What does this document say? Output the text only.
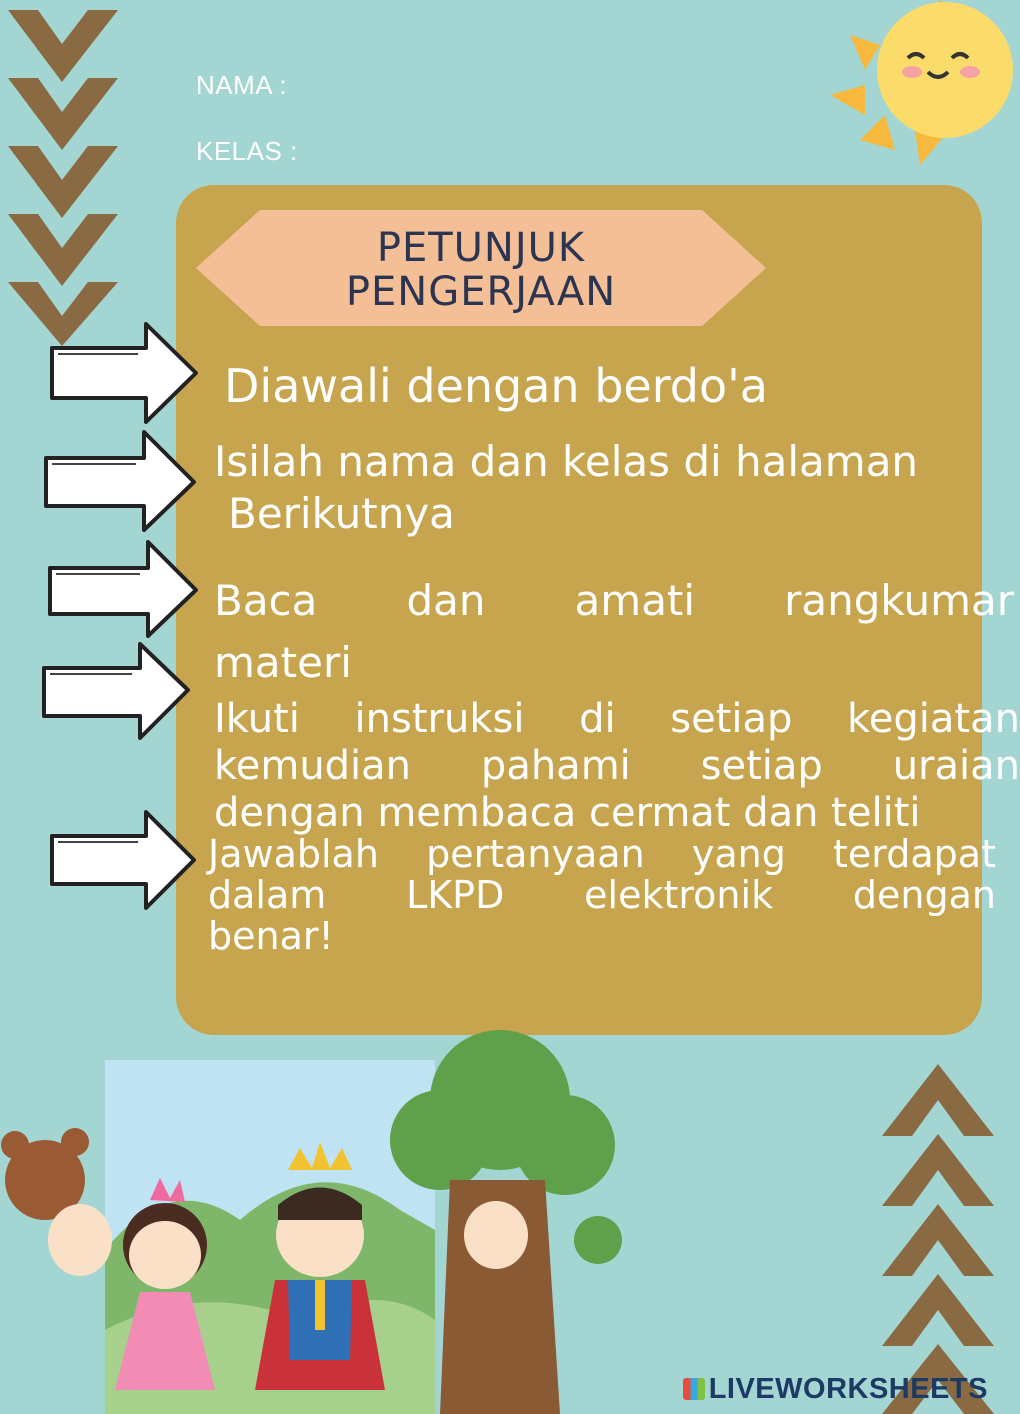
NAMA :
KELAS :
PETUNJUK
PENGERJAAN
Diawali dengan berdo'a
Isilah nama dan kelas di halaman
Berikutnya
Baca dan amati rangkumar
materi
Ikuti instruksi di setiap kegiatan
kemudian pahami setiap uraian
dengan membaca cermat dan teliti
Jawablah pertanyaan yang terdapat
dalam LKPD elektronik dengan
benar!
LIVEWORKSHEETS
